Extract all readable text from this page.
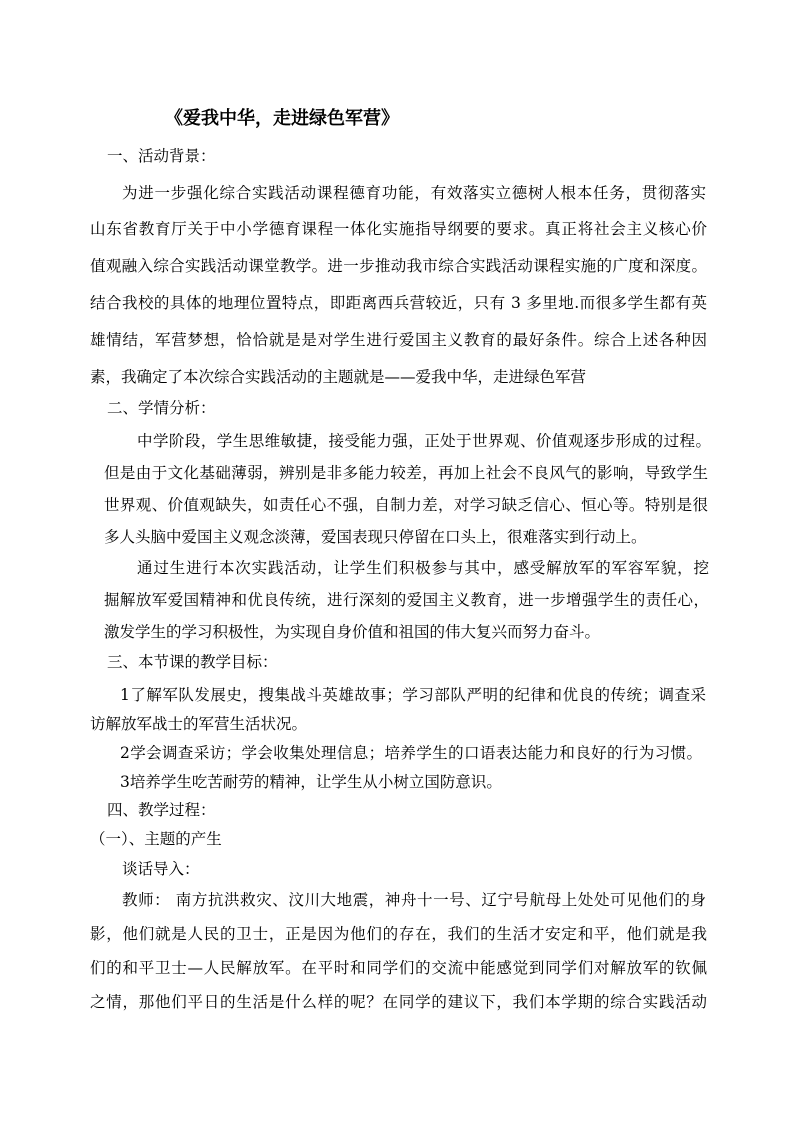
《爱我中华，走进绿色军营》
一、活动背景：
为进一步强化综合实践活动课程德育功能，有效落实立德树人根本任务，贯彻落实
山东省教育厅关于中小学德育课程一体化实施指导纲要的要求。真正将社会主义核心价
值观融入综合实践活动课堂教学。进一步推动我市综合实践活动课程实施的广度和深度。
结合我校的具体的地理位置特点，即距离西兵营较近，只有 3 多里地.而很多学生都有英
雄情结，军营梦想，恰恰就是是对学生进行爱国主义教育的最好条件。综合上述各种因
素，我确定了本次综合实践活动的主题就是——爱我中华，走进绿色军营
二、学情分析：
中学阶段，学生思维敏捷，接受能力强，正处于世界观、价值观逐步形成的过程。
但是由于文化基础薄弱，辨别是非多能力较差，再加上社会不良风气的影响，导致学生
世界观、价值观缺失，如责任心不强，自制力差，对学习缺乏信心、恒心等。特别是很
多人头脑中爱国主义观念淡薄，爱国表现只停留在口头上，很难落实到行动上。
通过生进行本次实践活动，让学生们积极参与其中，感受解放军的军容军貌，挖
掘解放军爱国精神和优良传统，进行深刻的爱国主义教育，进一步增强学生的责任心，
激发学生的学习积极性，为实现自身价值和祖国的伟大复兴而努力奋斗。
三、本节课的教学目标：
1了解军队发展史，搜集战斗英雄故事；学习部队严明的纪律和优良的传统；调查采
访解放军战士的军营生活状况。
2学会调查采访；学会收集处理信息；培养学生的口语表达能力和良好的行为习惯。
3培养学生吃苦耐劳的精神，让学生从小树立国防意识。
四、教学过程：
（一）、主题的产生
谈话导入：
教师： 南方抗洪救灾、汶川大地震，神舟十一号、辽宁号航母上处处可见他们的身
影，他们就是人民的卫士，正是因为他们的存在，我们的生活才安定和平，他们就是我
们的和平卫士—人民解放军。在平时和同学们的交流中能感觉到同学们对解放军的钦佩
之情，那他们平日的生活是什么样的呢？在同学的建议下，我们本学期的综合实践活动
